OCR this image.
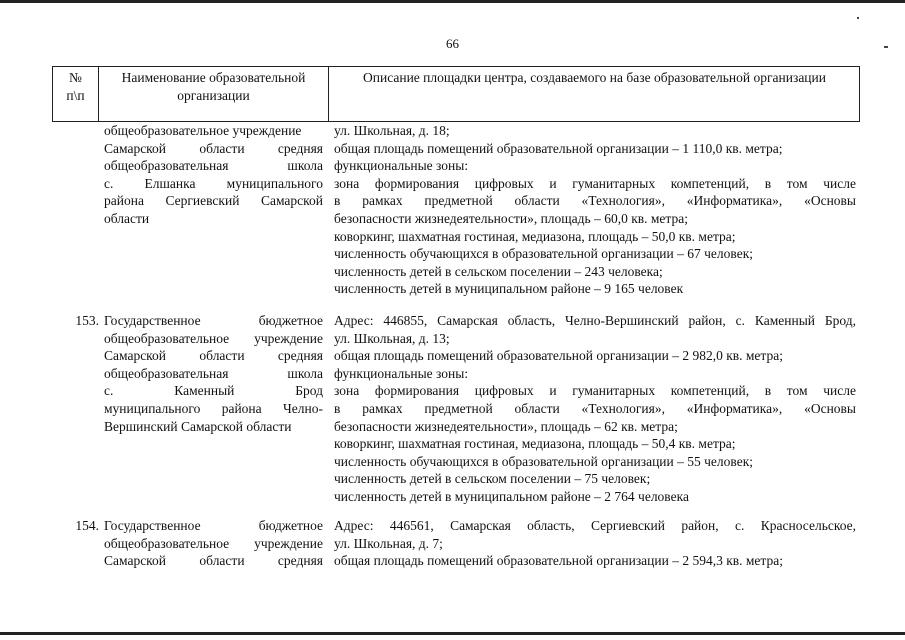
66
№
п\п
Наименование образовательной
организации
Описание площадки центра, создаваемого на базе образовательной организации
общеобразовательное учреждение
Самарской области средняя
общеобразовательная школа
с. Елшанка муниципального
района Сергиевский Самарской
области
ул. Школьная, д. 18;
общая площадь помещений образовательной организации – 1 110,0 кв. метра;
функциональные зоны:
зона формирования цифровых и гуманитарных компетенций, в том числе
в рамках предметной области «Технология», «Информатика», «Основы
безопасности жизнедеятельности», площадь – 60,0 кв. метра;
коворкинг, шахматная гостиная, медиазона, площадь – 50,0 кв. метра;
численность обучающихся в образовательной организации – 67 человек;
численность детей в сельском поселении – 243 человека;
численность детей в муниципальном районе – 9 165 человек
153. Государственное бюджетное
общеобразовательное учреждение
Самарской области средняя
общеобразовательная школа
с. Каменный Брод
муниципального района Челно-
Вершинский Самарской области
Адрес: 446855, Самарская область, Челно-Вершинский район, с. Каменный Брод,
ул. Школьная, д. 13;
общая площадь помещений образовательной организации – 2 982,0 кв. метра;
функциональные зоны:
зона формирования цифровых и гуманитарных компетенций, в том числе
в рамках предметной области «Технология», «Информатика», «Основы
безопасности жизнедеятельности», площадь – 62 кв. метра;
коворкинг, шахматная гостиная, медиазона, площадь – 50,4 кв. метра;
численность обучающихся в образовательной организации – 55 человек;
численность детей в сельском поселении – 75 человек;
численность детей в муниципальном районе – 2 764 человека
154. Государственное бюджетное
общеобразовательное учреждение
Самарской области средняя
Адрес: 446561, Самарская область, Сергиевский район, с. Красносельское,
ул. Школьная, д. 7;
общая площадь помещений образовательной организации – 2 594,3 кв. метра;
